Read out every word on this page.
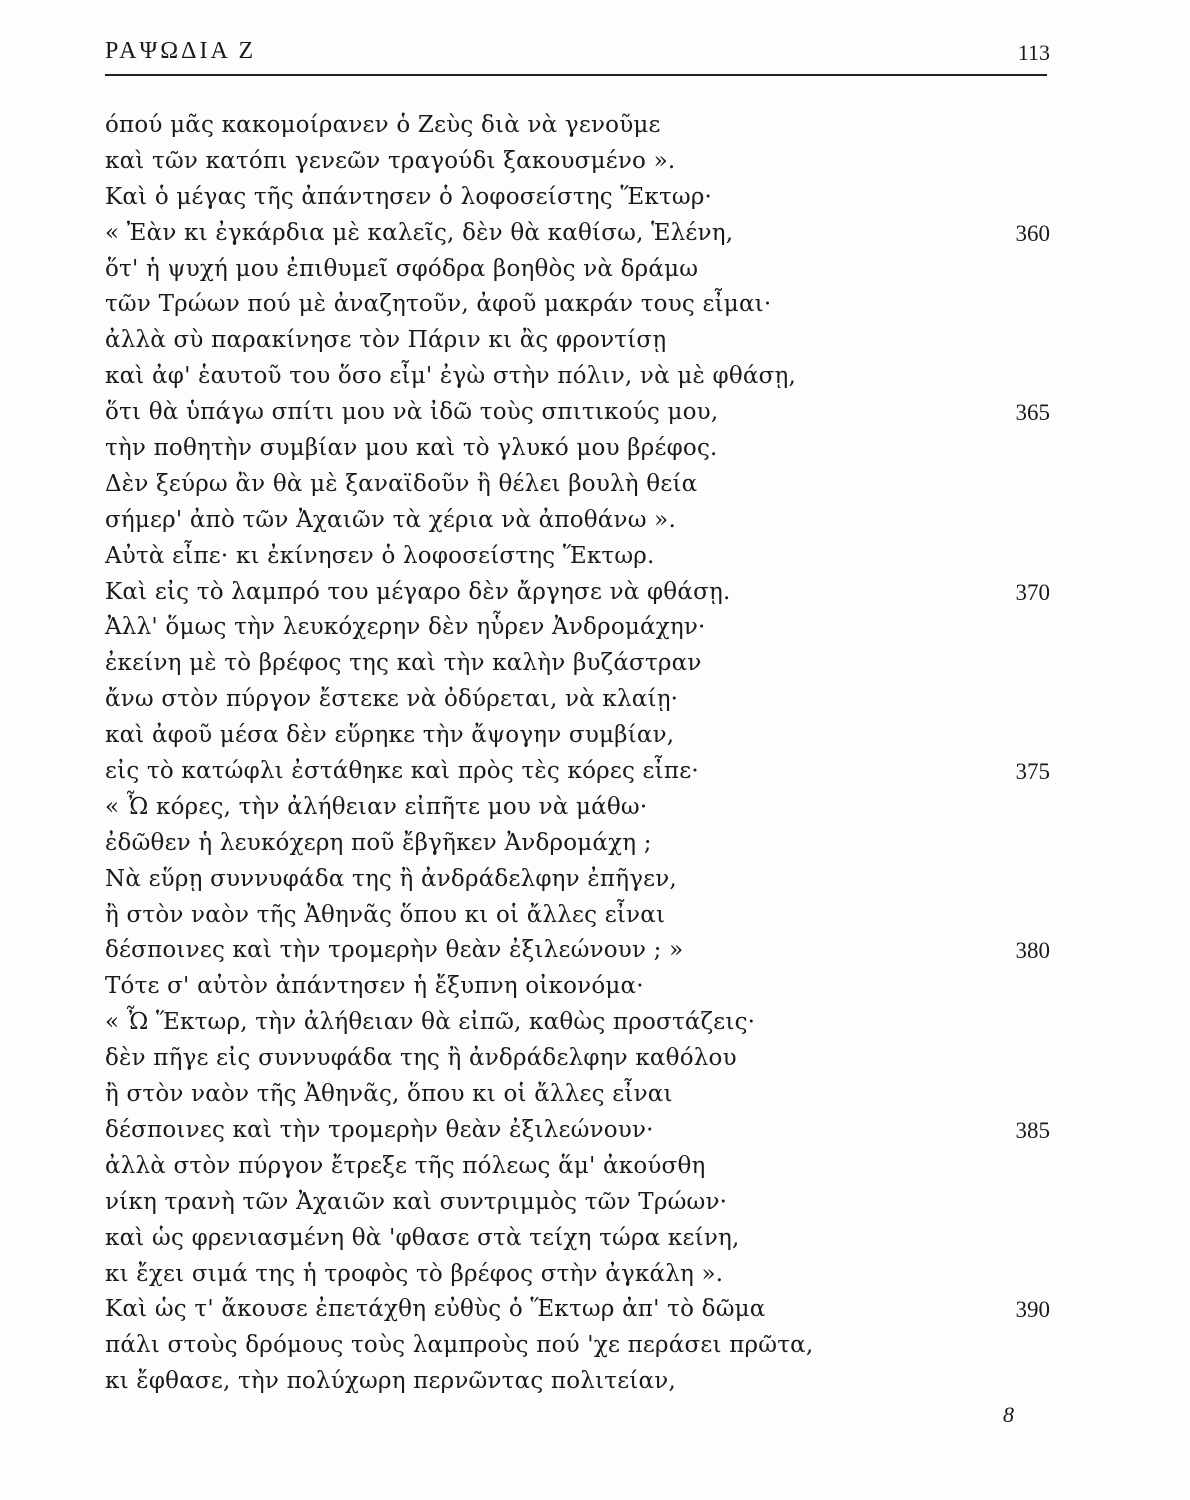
ΡΑΨΩΔΙΑ Ζ	113
όπού μᾶς κακομοίρανεν ὁ Ζεὺς διὰ νὰ γενοῦμε
καὶ τῶν κατόπι γενεῶν τραγούδι ξακουσμένο ».
Καὶ ὁ μέγας τῆς ἀπάντησεν ὁ λοφοσείστης Ἕκτωρ·
« Ἐὰν κι ἐγκάρδια μὲ καλεῖς, δὲν θὰ καθίσω, Ἑλένη,	360
ὅτ' ἡ ψυχή μου ἐπιθυμεῖ σφόδρα βοηθὸς νὰ δράμω
τῶν Τρώων πού μὲ ἀναζητοῦν, ἀφοῦ μακράν τους εἶμαι·
ἀλλὰ σὺ παρακίνησε τὸν Πάριν κι ἂς φροντίσῃ
καὶ ἀφ' ἑαυτοῦ του ὅσο εἶμ' ἐγὼ στὴν πόλιν, νὰ μὲ φθάσῃ,
ὅτι θὰ ὑπάγω σπίτι μου νὰ ἰδῶ τοὺς σπιτικούς μου,	365
τὴν ποθητὴν συμβίαν μου καὶ τὸ γλυκό μου βρέφος.
Δὲν ξεύρω ἂν θὰ μὲ ξαναϊδοῦν ἢ θέλει βουλὴ θεία
σήμερ' ἀπὸ τῶν Ἀχαιῶν τὰ χέρια νὰ ἀποθάνω ».
Αὐτὰ εἶπε· κι ἐκίνησεν ὁ λοφοσείστης Ἕκτωρ.
Καὶ εἰς τὸ λαμπρό του μέγαρο δὲν ἄργησε νὰ φθάσῃ.	370
Ἀλλ' ὅμως τὴν λευκόχερην δὲν ηὗρεν Ἀνδρομάχην·
ἐκείνη μὲ τὸ βρέφος της καὶ τὴν καλὴν βυζάστραν
ἄνω στὸν πύργον ἔστεκε νὰ ὀδύρεται, νὰ κλαίῃ·
καὶ ἀφοῦ μέσα δὲν εὕρηκε τὴν ἄψογην συμβίαν,
εἰς τὸ κατώφλι ἐστάθηκε καὶ πρὸς τὲς κόρες εἶπε·	375
« Ὦ κόρες, τὴν ἀλήθειαν εἰπῆτε μου νὰ μάθω·
ἐδῶθεν ἡ λευκόχερη ποῦ ἔβγῆκεν Ἀνδρομάχη ;
Νὰ εὕρῃ συννυφάδα της ἢ ἀνδράδελφην ἐπῆγεν,
ἢ στὸν ναὸν τῆς Ἀθηνᾶς ὅπου κι οἱ ἄλλες εἶναι
δέσποινες καὶ τὴν τρομερὴν θεὰν ἐξιλεώνουν ; »	380
Τότε σ' αὐτὸν ἀπάντησεν ἡ ἔξυπνη οἰκονόμα·
« Ὦ Ἕκτωρ, τὴν ἀλήθειαν θὰ εἰπῶ, καθὼς προστάζεις·
δὲν πῆγε εἰς συννυφάδα της ἢ ἀνδράδελφην καθόλου
ἢ στὸν ναὸν τῆς Ἀθηνᾶς, ὅπου κι οἱ ἄλλες εἶναι
δέσποινες καὶ τὴν τρομερὴν θεὰν ἐξιλεώνουν·	385
ἀλλὰ στὸν πύργον ἔτρεξε τῆς πόλεως ἅμ' ἀκούσθη
νίκη τρανὴ τῶν Ἀχαιῶν καὶ συντριμμὸς τῶν Τρώων·
καὶ ὡς φρενιασμένη θὰ 'φθασε στὰ τείχη τώρα κείνη,
κι ἔχει σιμά της ἡ τροφὸς τὸ βρέφος στὴν ἀγκάλη ».
Καὶ ὡς τ' ἄκουσε ἐπετάχθη εὐθὺς ὁ Ἕκτωρ ἀπ' τὸ δῶμα	390
πάλι στοὺς δρόμους τοὺς λαμπροὺς πού 'χε περάσει πρῶτα,
κι ἔφθασε, τὴν πολύχωρη περνῶντας πολιτείαν,
8
